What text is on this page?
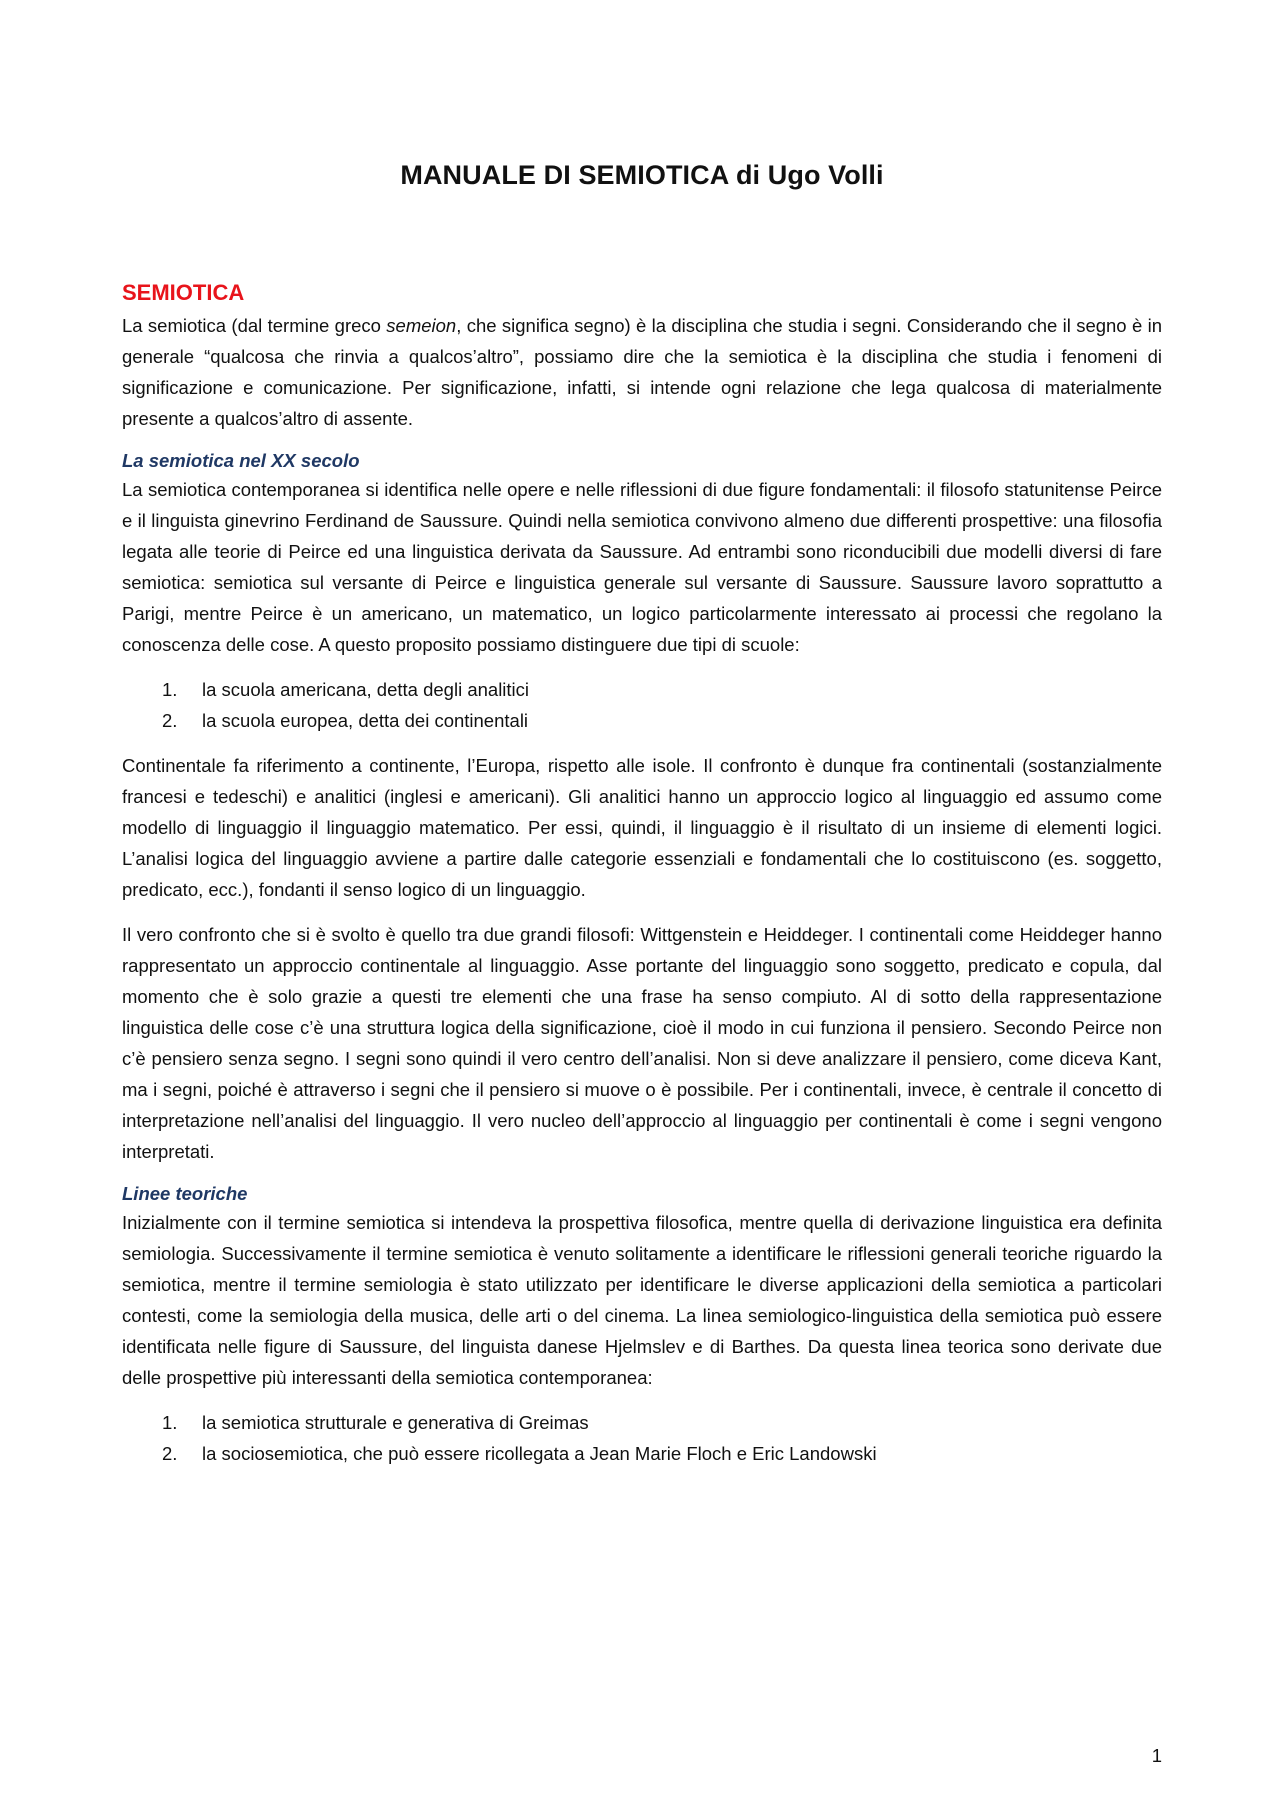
MANUALE DI SEMIOTICA di Ugo Volli
SEMIOTICA

La semiotica (dal termine greco semeion, che significa segno) è la disciplina che studia i segni. Considerando che il segno è in generale “qualcosa che rinvia a qualcos’altro”, possiamo dire che la semiotica è la disciplina che studia i fenomeni di significazione e comunicazione. Per significazione, infatti, si intende ogni relazione che lega qualcosa di materialmente presente a qualcos’altro di assente.

La semiotica nel XX secolo

La semiotica contemporanea si identifica nelle opere e nelle riflessioni di due figure fondamentali: il filosofo statunitense Peirce e il linguista ginevrino Ferdinand de Saussure. Quindi nella semiotica convivono almeno due differenti prospettive: una filosofia legata alle teorie di Peirce ed una linguistica derivata da Saussure. Ad entrambi sono riconducibili due modelli diversi di fare semiotica: semiotica sul versante di Peirce e linguistica generale sul versante di Saussure. Saussure lavoro soprattutto a Parigi, mentre Peirce è un americano, un matematico, un logico particolarmente interessato ai processi che regolano la conoscenza delle cose. A questo proposito possiamo distinguere due tipi di scuole:

1.	la scuola americana, detta degli analitici
2.	la scuola europea, detta dei continentali

Continentale fa riferimento a continente, l’Europa, rispetto alle isole. Il confronto è dunque fra continentali (sostanzialmente francesi e tedeschi) e analitici (inglesi e americani). Gli analitici hanno un approccio logico al linguaggio ed assumo come modello di linguaggio il linguaggio matematico. Per essi, quindi, il linguaggio è il risultato di un insieme di elementi logici. L’analisi logica del linguaggio avviene a partire dalle categorie essenziali e fondamentali che lo costituiscono (es. soggetto, predicato, ecc.), fondanti il senso logico di un linguaggio.

Il vero confronto che si è svolto è quello tra due grandi filosofi: Wittgenstein e Heiddeger. I continentali come Heiddeger hanno rappresentato un approccio continentale al linguaggio. Asse portante del linguaggio sono soggetto, predicato e copula, dal momento che è solo grazie a questi tre elementi che una frase ha senso compiuto. Al di sotto della rappresentazione linguistica delle cose c’è una struttura logica della significazione, cioè il modo in cui funziona il pensiero. Secondo Peirce non c’è pensiero senza segno. I segni sono quindi il vero centro dell’analisi. Non si deve analizzare il pensiero, come diceva Kant, ma i segni, poiché è attraverso i segni che il pensiero si muove o è possibile. Per i continentali, invece, è centrale il concetto di interpretazione nell’analisi del linguaggio. Il vero nucleo dell’approccio al linguaggio per continentali è come i segni vengono interpretati.

Linee teoriche

Inizialmente con il termine semiotica si intendeva la prospettiva filosofica, mentre quella di derivazione linguistica era definita semiologia. Successivamente il termine semiotica è venuto solitamente a identificare le riflessioni generali teoriche riguardo la semiotica, mentre il termine semiologia è stato utilizzato per identificare le diverse applicazioni della semiotica a particolari contesti, come la semiologia della musica, delle arti o del cinema. La linea semiologico-linguistica della semiotica può essere identificata nelle figure di Saussure, del linguista danese Hjelmslev e di Barthes. Da questa linea teorica sono derivate due delle prospettive più interessanti della semiotica contemporanea:

1.	la semiotica strutturale e generativa di Greimas
2.	la sociosemiotica, che può essere ricollegata a Jean Marie Floch e Eric Landowski
1
